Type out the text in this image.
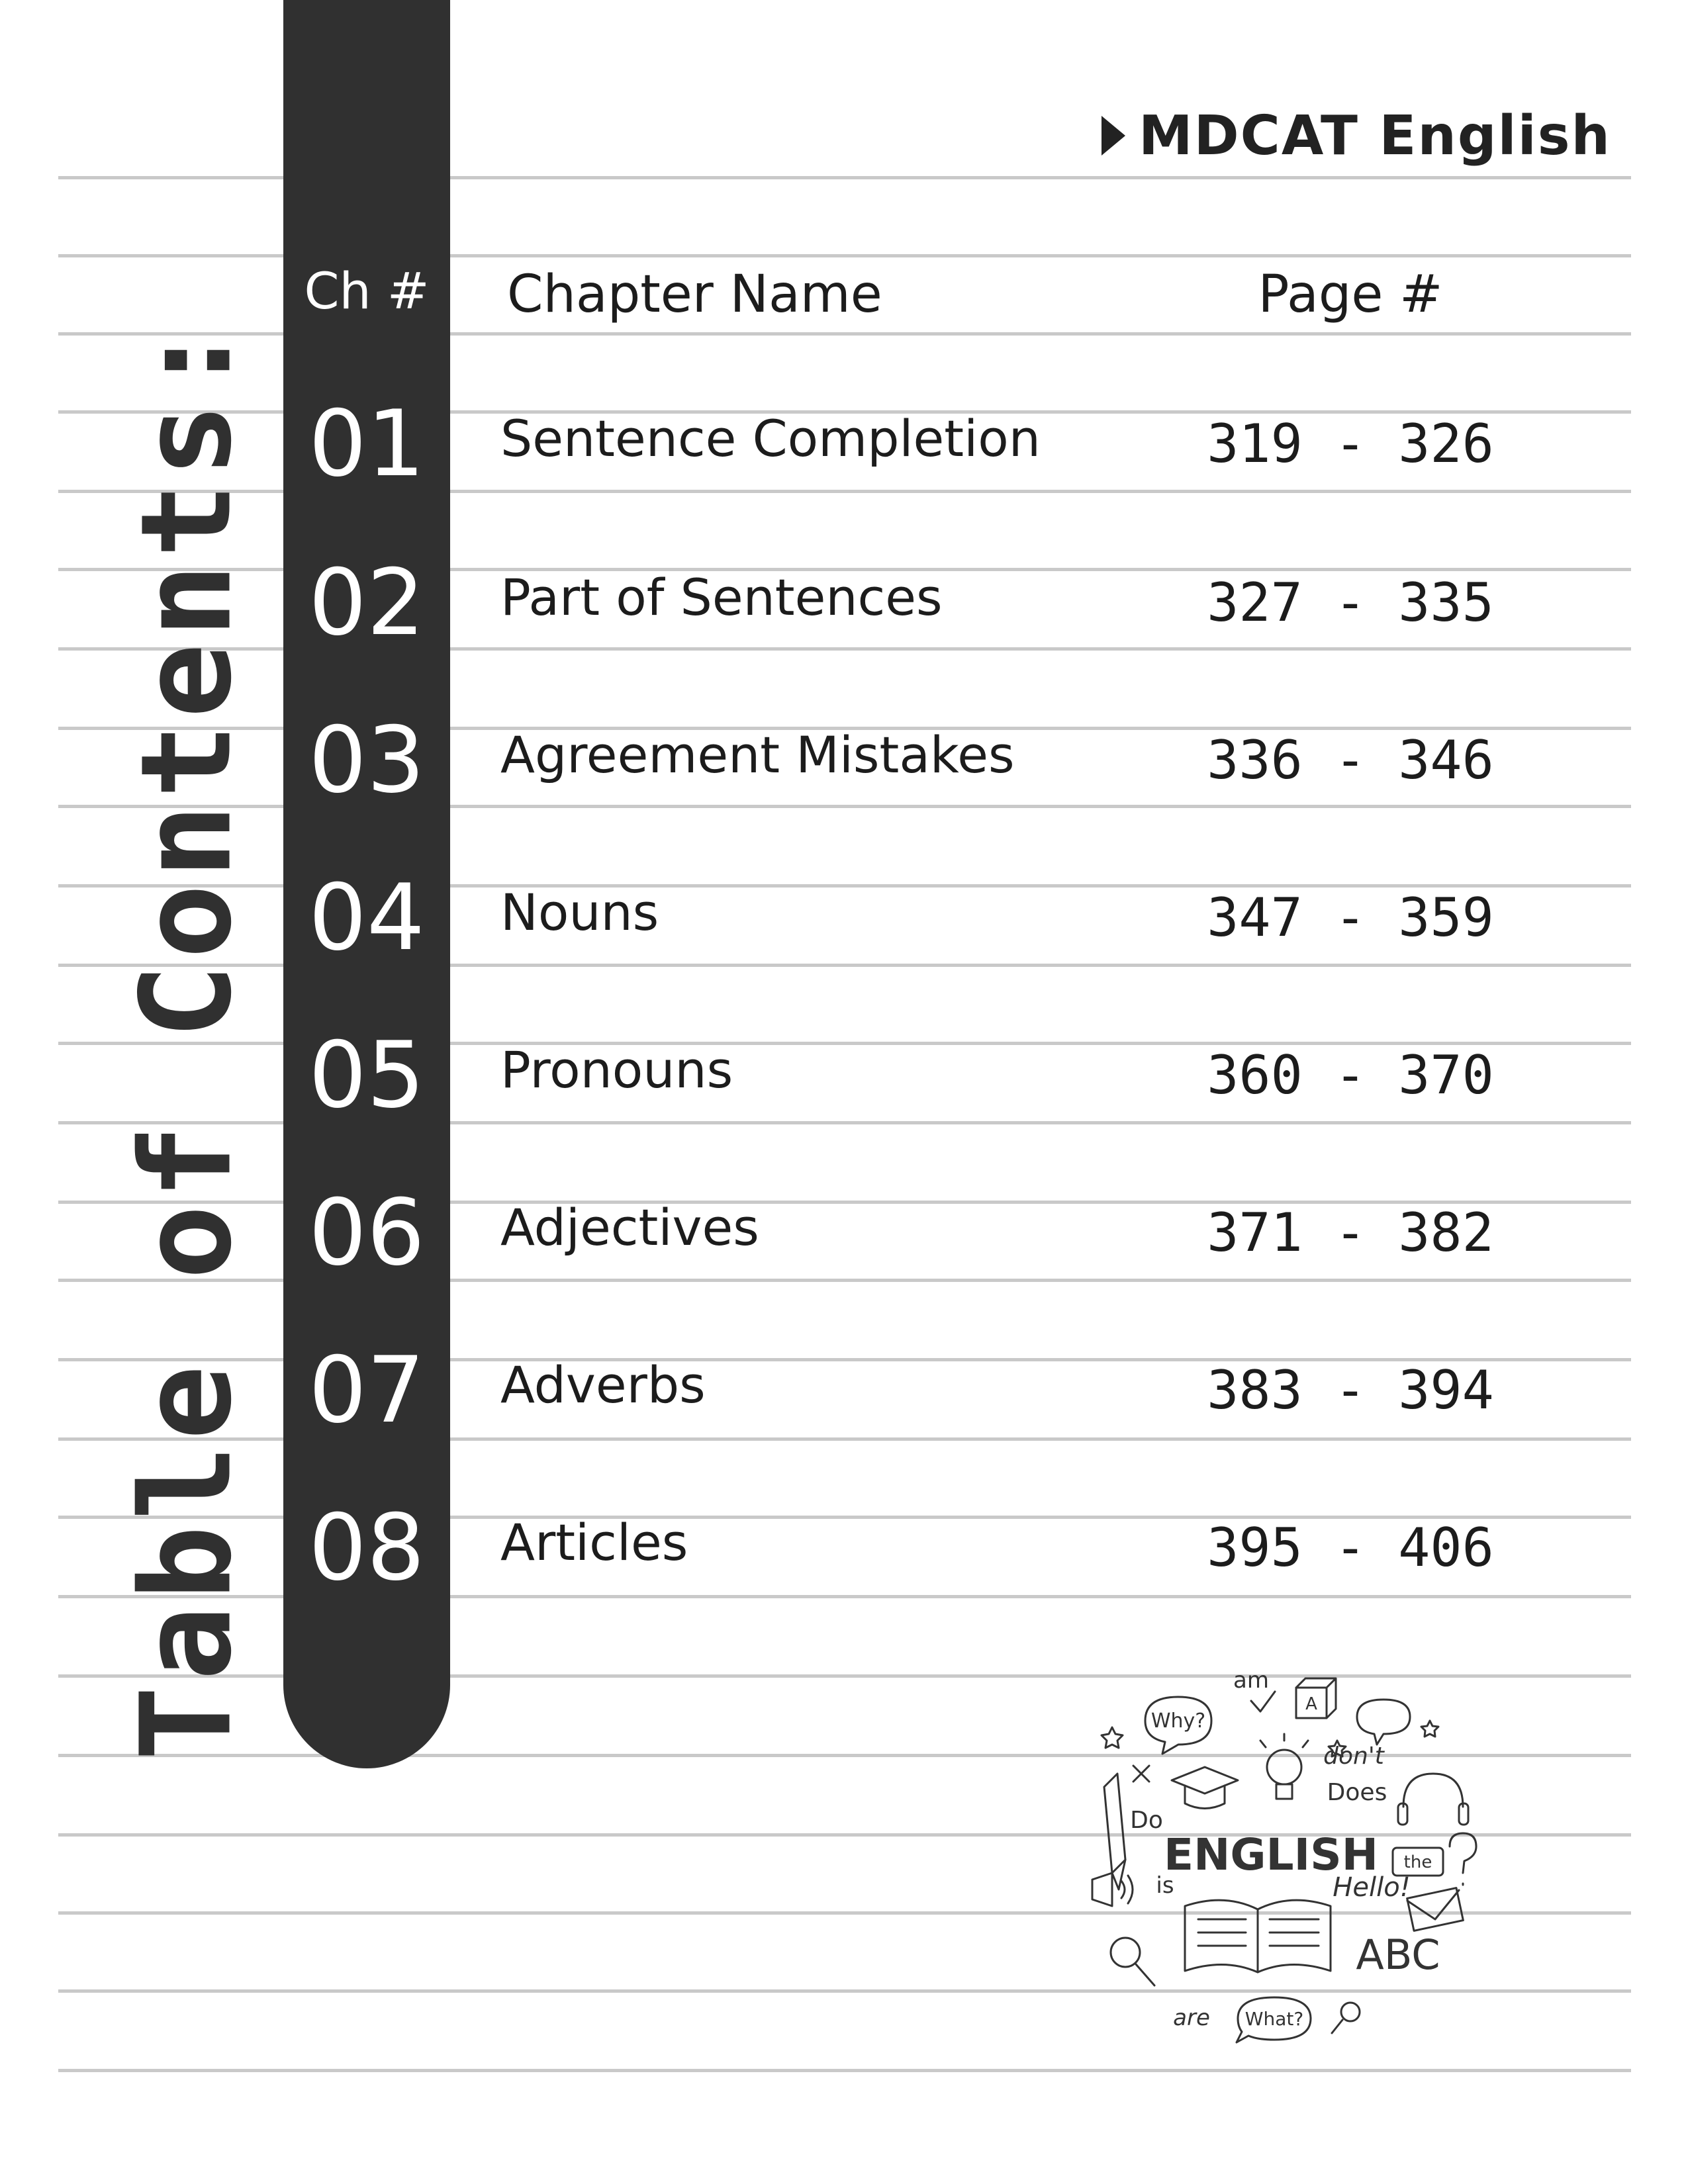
Table of Contents:
MDCAT English
Ch #	Chapter Name	Page #
01	Sentence Completion	319 - 326
02	Part of Sentences	327 - 335
03	Agreement Mistakes	336 - 346
04	Nouns	347 - 359
05	Pronouns	360 - 370
06	Adjectives	371 - 382
07	Adverbs	383 - 394
08	Articles	395 - 406
am
A
Why?
don't
Does
Do
the
is	Hello!
ABC
are What?
ENGLISH
